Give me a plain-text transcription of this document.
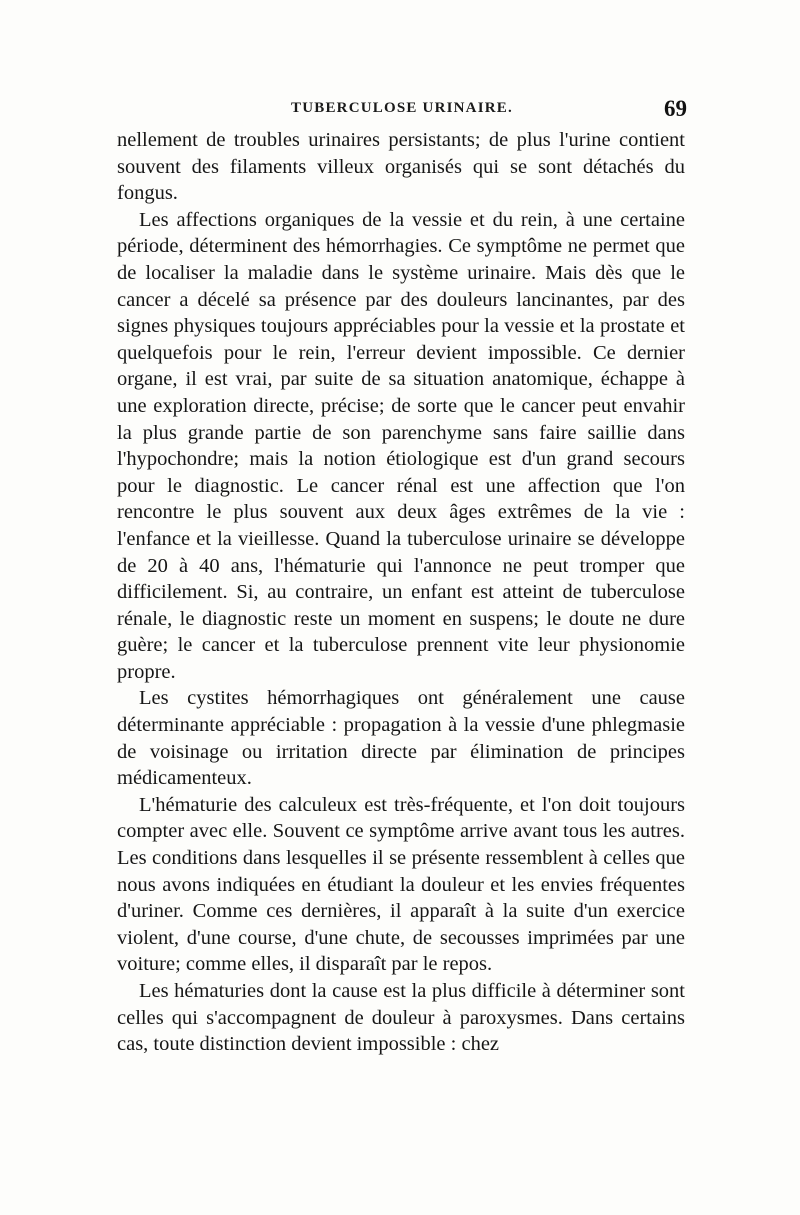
TUBERCULOSE URINAIRE.	69

nellement de troubles urinaires persistants; de plus l'urine contient souvent des filaments villeux organisés qui se sont détachés du fongus.

Les affections organiques de la vessie et du rein, à une certaine période, déterminent des hémorrhagies. Ce symptôme ne permet que de localiser la maladie dans le système urinaire. Mais dès que le cancer a décelé sa présence par des douleurs lancinantes, par des signes physiques toujours appréciables pour la vessie et la prostate et quelquefois pour le rein, l'erreur devient impossible. Ce dernier organe, il est vrai, par suite de sa situation anatomique, échappe à une exploration directe, précise; de sorte que le cancer peut envahir la plus grande partie de son parenchyme sans faire saillie dans l'hypochondre; mais la notion étiologique est d'un grand secours pour le diagnostic. Le cancer rénal est une affection que l'on rencontre le plus souvent aux deux âges extrêmes de la vie : l'enfance et la vieillesse. Quand la tuberculose urinaire se développe de 20 à 40 ans, l'hématurie qui l'annonce ne peut tromper que difficilement. Si, au contraire, un enfant est atteint de tuberculose rénale, le diagnostic reste un moment en suspens; le doute ne dure guère; le cancer et la tuberculose prennent vite leur physionomie propre.

Les cystites hémorrhagiques ont généralement une cause déterminante appréciable : propagation à la vessie d'une phlegmasie de voisinage ou irritation directe par élimination de principes médicamenteux.

L'hématurie des calculeux est très-fréquente, et l'on doit toujours compter avec elle. Souvent ce symptôme arrive avant tous les autres. Les conditions dans lesquelles il se présente ressemblent à celles que nous avons indiquées en étudiant la douleur et les envies fréquentes d'uriner. Comme ces dernières, il apparaît à la suite d'un exercice violent, d'une course, d'une chute, de secousses imprimées par une voiture; comme elles, il disparaît par le repos.

Les hématuries dont la cause est la plus difficile à déterminer sont celles qui s'accompagnent de douleur à paroxysmes. Dans certains cas, toute distinction devient impossible : chez
